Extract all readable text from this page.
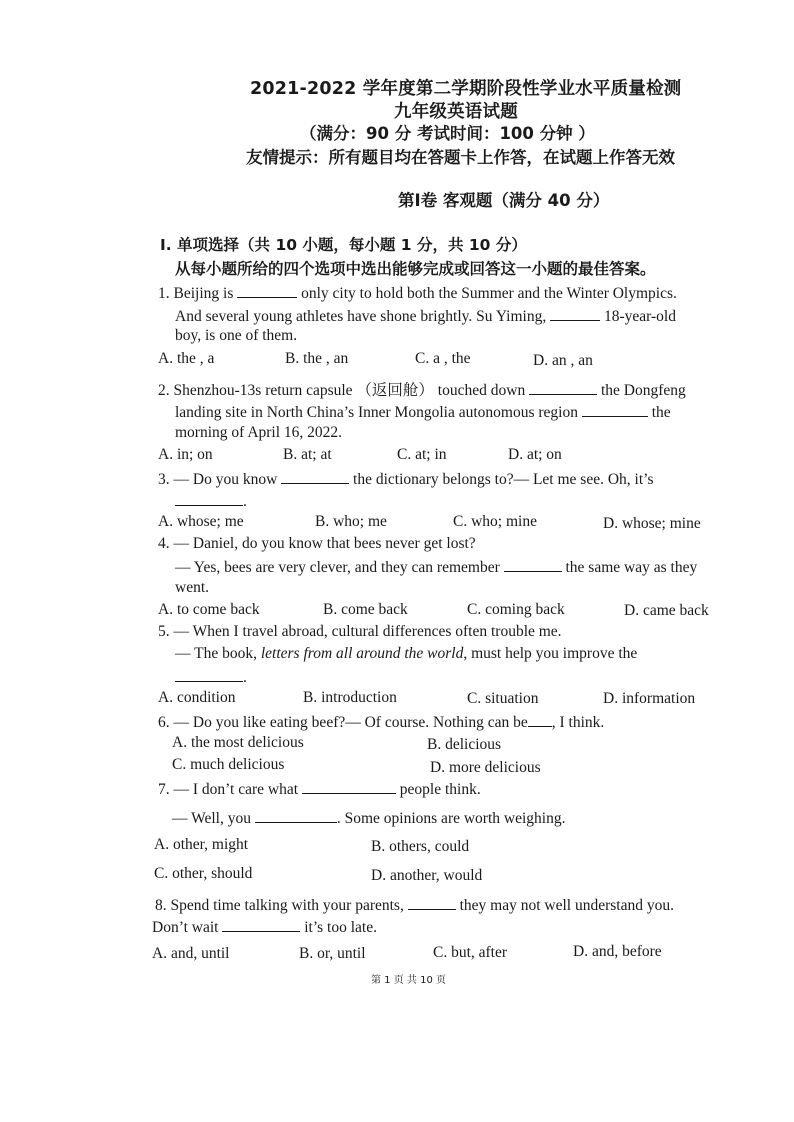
2021-2022 学年度第二学期阶段性学业水平质量检测
九年级英语试题
（满分：90 分 考试时间：100 分钟 ）
友情提示：所有题目均在答题卡上作答，在试题上作答无效
第Ⅰ卷 客观题（满分 40 分）
I. 单项选择（共 10 小题，每小题 1 分，共 10 分）
从每小题所给的四个选项中选出能够完成或回答这一小题的最佳答案。
1. Beijing is	only city to hold both the Summer and the Winter Olympics.
And several young athletes have shone brightly. Su Yiming,	18-year-old
boy, is one of them.
A. the , a	B. the , an	C. a , the	D. an , an
2. Shenzhou-13s return capsule （返回舱） touched down	the Dongfeng
landing site in North China’s Inner Mongolia autonomous region	the
morning of April 16, 2022.
A. in; on	B. at; at	C. at; in	D. at; on
3. — Do you know	the dictionary belongs to?— Let me see. Oh, it’s
.
A. whose; me	B. who; me	C. who; mine	D. whose; mine
4. — Daniel, do you know that bees never get lost?
— Yes, bees are very clever, and they can remember	the same way as they
went.
A. to come back	B. come back	C. coming back	D. came back
5. — When I travel abroad, cultural differences often trouble me.
— The book, letters from all around the world, must help you improve the
.
A. condition	B. introduction	C. situation	D. information
6. — Do you like eating beef?— Of course. Nothing can be , I think.
A. the most delicious	B. delicious
C. much delicious	D. more delicious
7. — I don’t care what	people think.
— Well, you	. Some opinions are worth weighing.
A. other, might	B. others, could
C. other, should	D. another, would
8. Spend time talking with your parents,	they may not well understand you.
Don’t wait	it’s too late.
A. and, until	B. or, until	C. but, after	D. and, before
第 1 页 共 10 页
